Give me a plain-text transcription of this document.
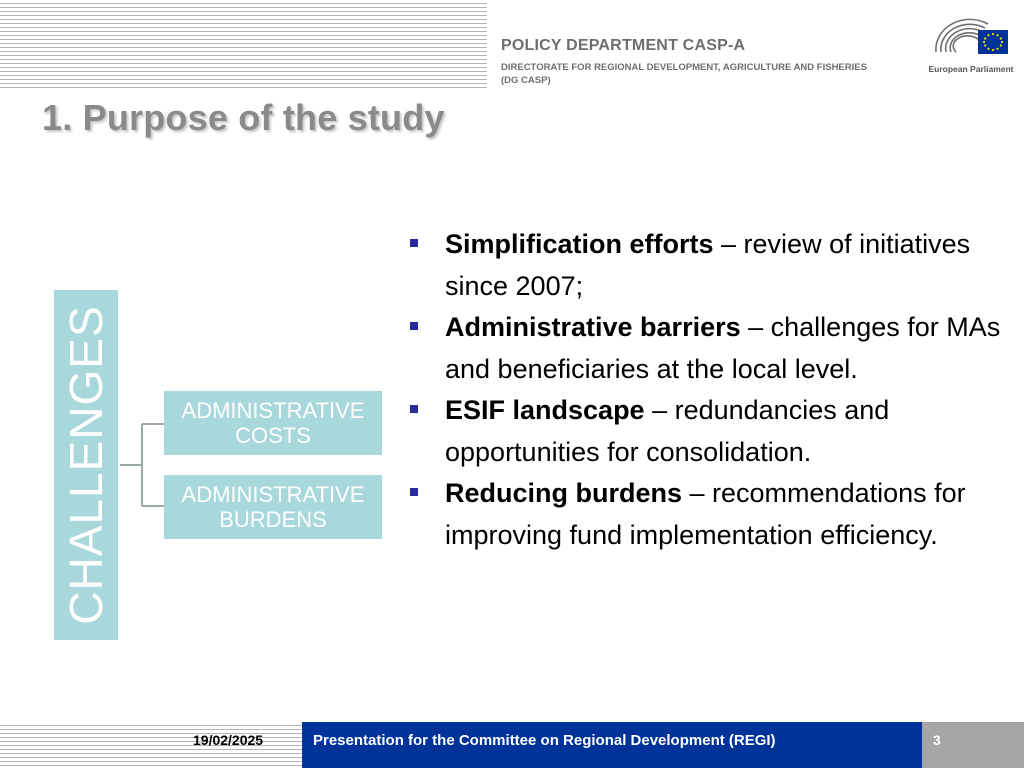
POLICY DEPARTMENT CASP-A
DIRECTORATE FOR REGIONAL DEVELOPMENT, AGRICULTURE AND FISHERIES
(DG CASP)
European Parliament
1. Purpose of the study
CHALLENGES	ADMINISTRATIVE
COSTS
ADMINISTRATIVE
BURDENS
Simplification efforts – review of initiatives since 2007;
Administrative barriers – challenges for MAs and beneficiaries at the local level.
ESIF landscape – redundancies and opportunities for consolidation.
Reducing burdens – recommendations for improving fund implementation efficiency.
19/02/2025	Presentation for the Committee on Regional Development (REGI)	3
